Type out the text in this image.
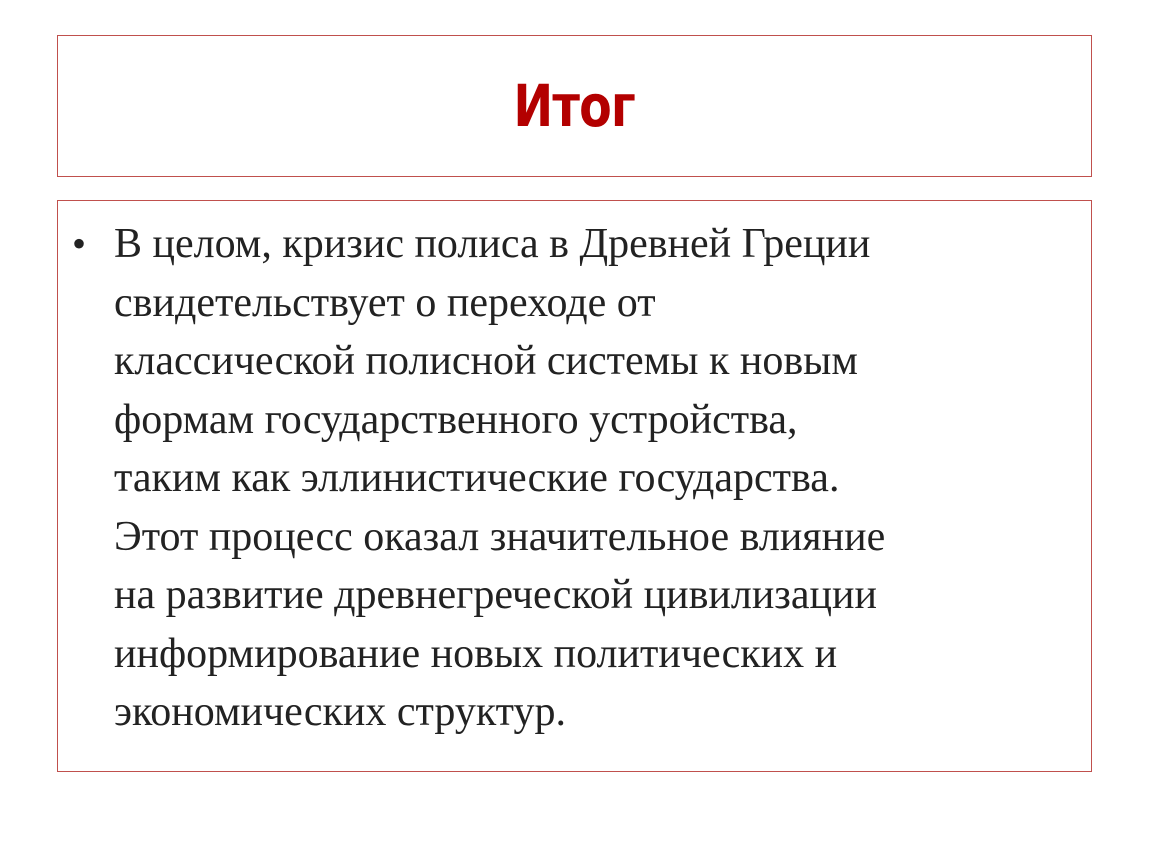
Итог
• В целом, кризис полиса в Древней Греции
свидетельствует о переходе от
классической полисной системы к новым
формам государственного устройства,
таким как эллинистические государства.
Этот процесс оказал значительное влияние
на развитие древнегреческой цивилизации
информирование новых политических и
экономических структур.
